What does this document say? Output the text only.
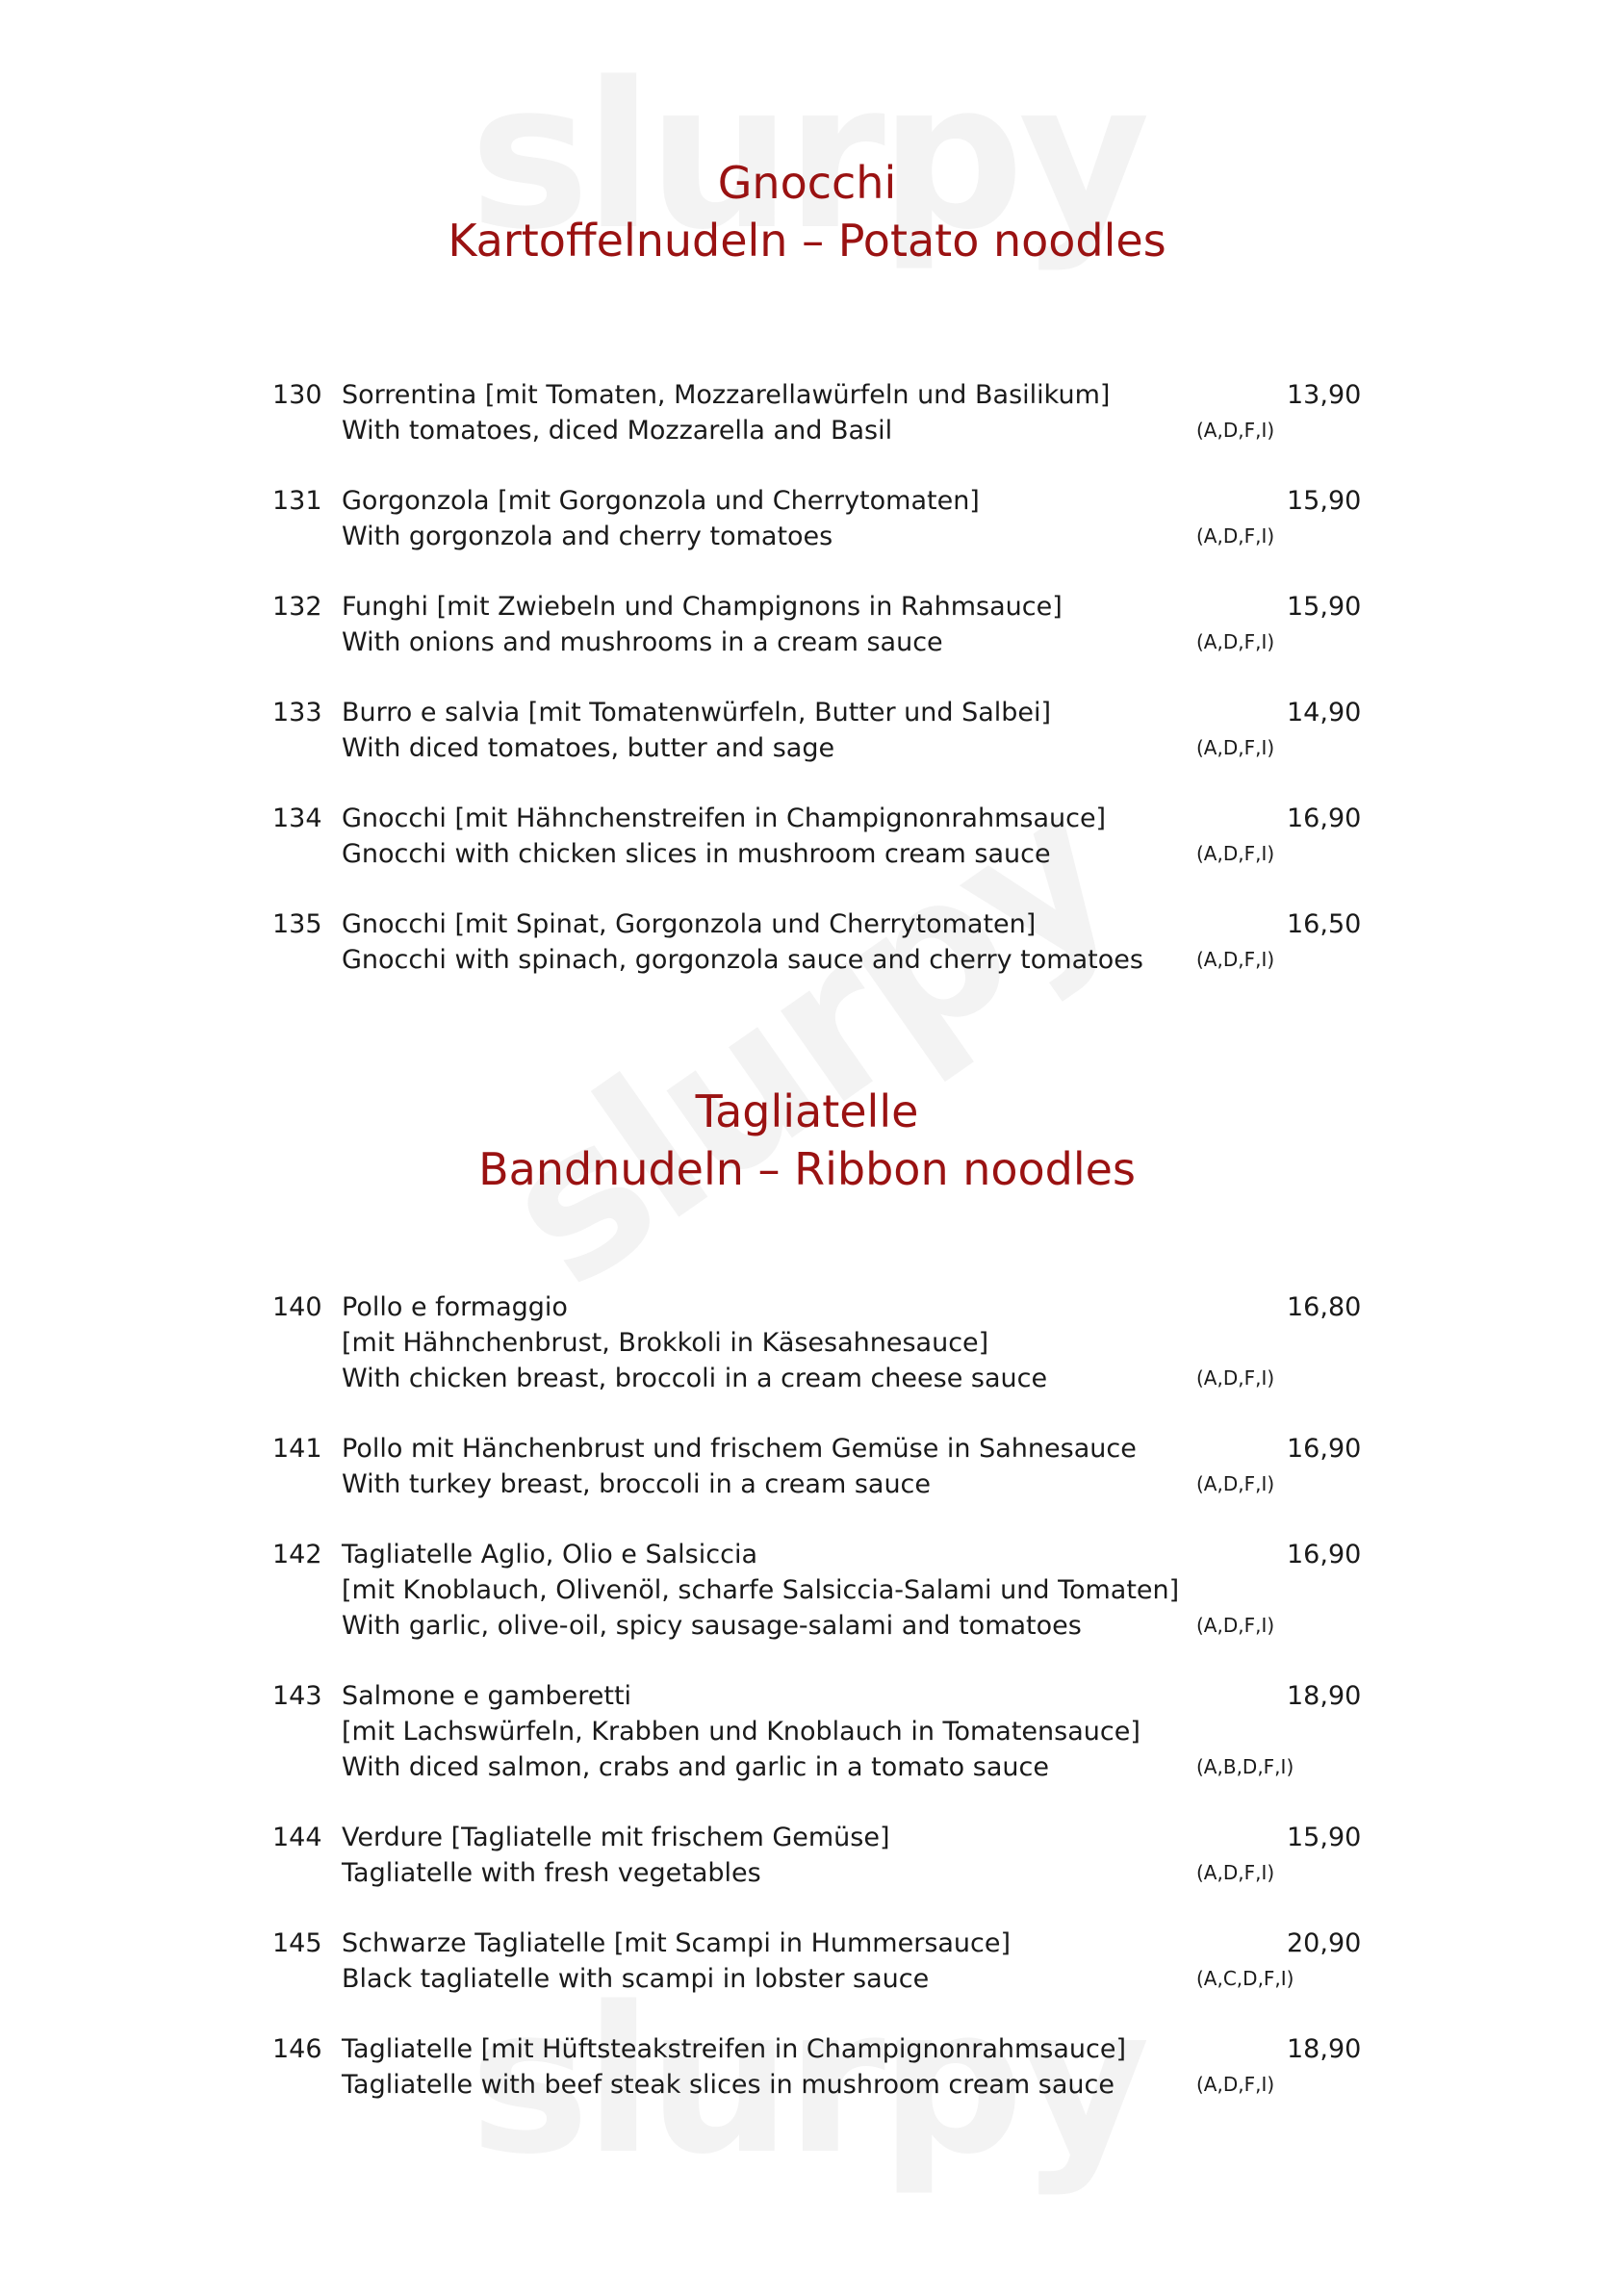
Gnocchi
Kartoffelnudeln – Potato noodles
130 Sorrentina [mit Tomaten, Mozzarellawürfeln und Basilikum]
With tomatoes, diced Mozzarella and Basil	(A,D,F,I)
13,90
131 Gorgonzola [mit Gorgonzola und Cherrytomaten]
With gorgonzola and cherry tomatoes	(A,D,F,I)
15,90
132 Funghi [mit Zwiebeln und Champignons in Rahmsauce]
With onions and mushrooms in a cream sauce	(A,D,F,I)
15,90
133 Burro e salvia [mit Tomatenwürfeln, Butter und Salbei]
With diced tomatoes, butter and sage	(A,D,F,I)
14,90
134 Gnocchi [mit Hähnchenstreifen in Champignonrahmsauce]
Gnocchi with chicken slices in mushroom cream sauce	(A,D,F,I)
16,90
135 Gnocchi [mit Spinat, Gorgonzola und Cherrytomaten]
Gnocchi with spinach, gorgonzola sauce and cherry tomatoes	(A,D,F,I)
16,50
Tagliatelle
Bandnudeln – Ribbon noodles
140 Pollo e formaggio
[mit Hähnchenbrust, Brokkoli in Käsesahnesauce]
With chicken breast, broccoli in a cream cheese sauce	(A,D,F,I)
16,80
141 Pollo mit Hänchenbrust und frischem Gemüse in Sahnesauce
With turkey breast, broccoli in a cream sauce	(A,D,F,I)
16,90
142 Tagliatelle Aglio, Olio e Salsiccia
[mit Knoblauch, Olivenöl, scharfe Salsiccia-Salami und Tomaten]
With garlic, olive-oil, spicy sausage-salami and tomatoes	(A,D,F,I)
16,90
143 Salmone e gamberetti
[mit Lachswürfeln, Krabben und Knoblauch in Tomatensauce]
With diced salmon, crabs and garlic in a tomato sauce	(A,B,D,F,I)
18,90
144 Verdure [Tagliatelle mit frischem Gemüse]
Tagliatelle with fresh vegetables	(A,D,F,I)
15,90
145 Schwarze Tagliatelle [mit Scampi in Hummersauce]
Black tagliatelle with scampi in lobster sauce	(A,C,D,F,I)
20,90
146 Tagliatelle [mit Hüftsteakstreifen in Champignonrahmsauce]
Tagliatelle with beef steak slices in mushroom cream sauce	(A,D,F,I)
18,90
